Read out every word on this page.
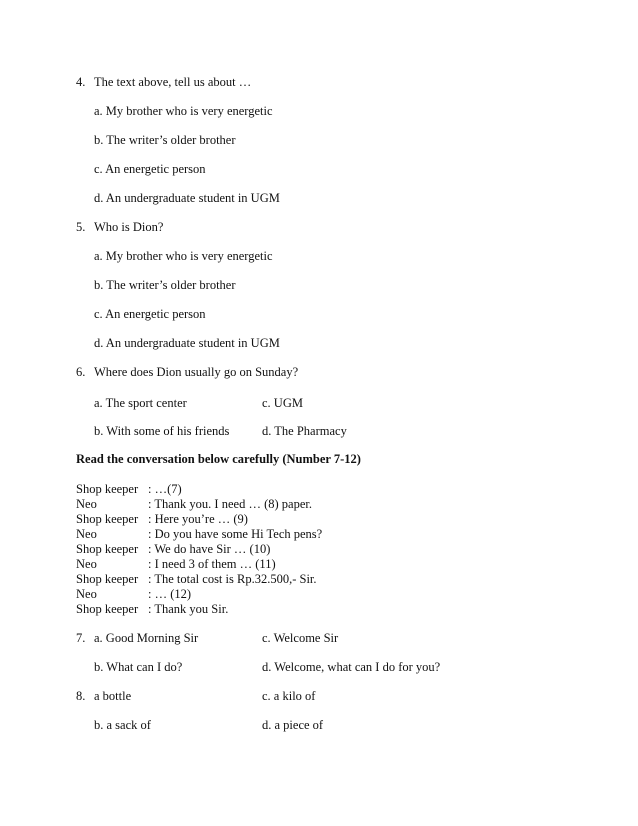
4. The text above, tell us about …
a. My brother who is very energetic
b. The writer’s older brother
c. An energetic person
d. An undergraduate student in UGM
5. Who is Dion?
a. My brother who is very energetic
b. The writer’s older brother
c. An energetic person
d. An undergraduate student in UGM
6. Where does Dion usually go on Sunday?
a. The sport center	c. UGM
b. With some of his friends	d. The Pharmacy
Read the conversation below carefully (Number 7-12)
Shop keeper : …(7)
Neo	: Thank you. I need … (8) paper.
Shop keeper : Here you’re … (9)
Neo	: Do you have some Hi Tech pens?
Shop keeper : We do have Sir … (10)
Neo	: I need 3 of them … (11)
Shop keeper : The total cost is Rp.32.500,- Sir.
Neo	: … (12)
Shop keeper : Thank you Sir.
7. a. Good Morning Sir	c. Welcome Sir
b. What can I do?	d. Welcome, what can I do for you?
8. a bottle	c. a kilo of
b. a sack of	d. a piece of
